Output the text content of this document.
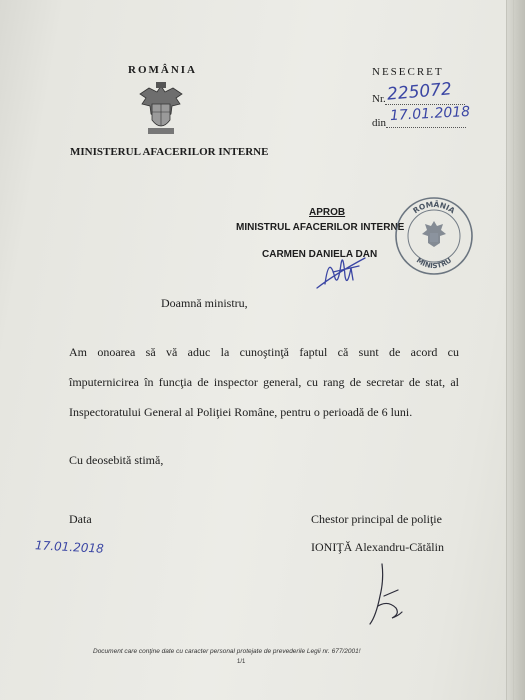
ROMÂNIA
MINISTERUL AFACERILOR INTERNE
NESECRET
Nr. 225072
din 17.01.2018
APROB
MINISTRUL AFACERILOR INTERNE
CARMEN DANIELA DAN
ROMÂNIA
MINISTRU
Doamnă ministru,
Am onoarea să vă aduc la cunoştinţă faptul că sunt de acord cu
împuternicirea în funcţia de inspector general, cu rang de secretar de stat, al
Inspectoratului General al Poliţiei Române, pentru o perioadă de 6 luni.
Cu deosebită stimă,
Data
17.01.2018
Chestor principal de poliţie
IONIŢĂ Alexandru-Cătălin
Document care conţine date cu caracter personal protejate de prevederile Legii nr. 677/2001!
1/1
